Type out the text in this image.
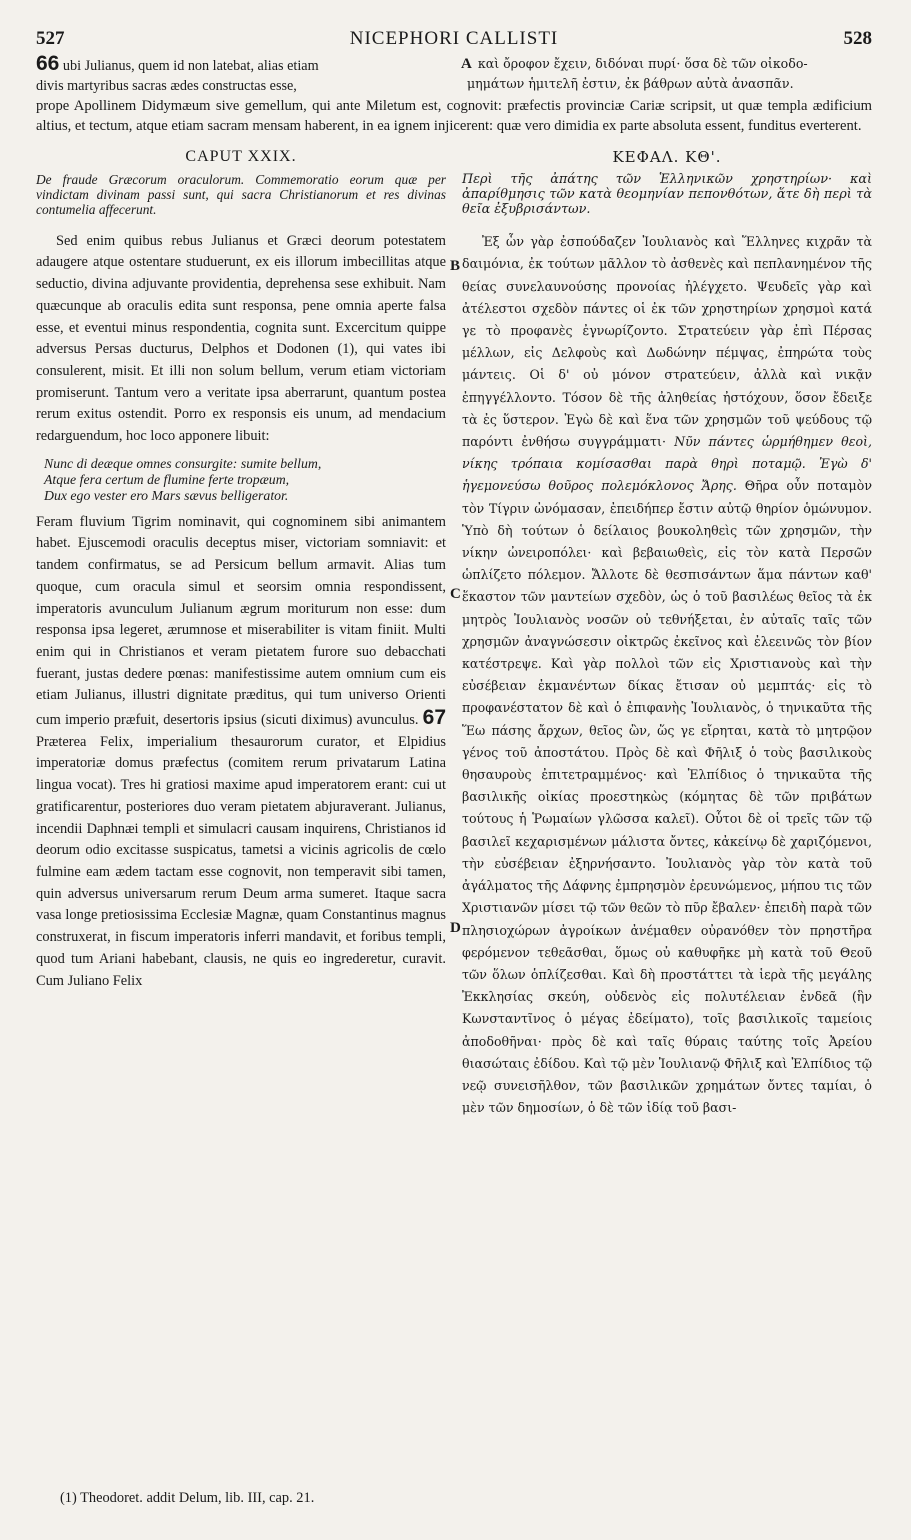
527	NICEPHORI CALLISTI	528
66 ubi Julianus, quem id non latebat, alias etiam
divis martyribus sacras ædes constructas esse,
A καὶ ὄροφον ἔχειν, διδόναι πυρί· ὅσα δὲ τῶν οἰκοδο-
μημάτων ἡμιτελῆ ἐστιν, ἐκ βάθρων αὐτὰ ἀνασπᾶν.
prope Apollinem Didymæum sive gemellum, qui ante Miletum est, cognovit: præfectis provinciæ Cariæ scripsit, ut quæ templa ædificium altius, et tectum, atque etiam sacram mensam haberent, in ea ignem injicerent: quæ vero dimidia ex parte absoluta essent, funditus everterent.
CAPUT XXIX.
De fraude Græcorum oraculorum. Commemoratio eorum quæ per vindictam divinam passi sunt, qui sacra Christianorum et res divinas contumelia affecerunt.

Sed enim quibus rebus Julianus et Græci deorum potestatem adaugere atque ostentare studuerunt, ex eis illorum imbecillitas atque seductio, divina adjuvante providentia, deprehensa sese exhibuit. Nam quæcunque ab oraculis edita sunt responsa, pene omnia aperte falsa esse, et eventui minus respondentia, cognita sunt. Excercitum quippe adversus Persas ducturus, Delphos et Dodonen (1), qui vates ibi consulerent, misit. Et illi non solum bellum, verum etiam victoriam promiserunt. Tantum vero a veritate ipsa aberrarunt, quantum postea rerum exitus ostendit. Porro ex responsis eis unum, ad mendacium redarguendum, hoc loco apponere libuit:

Nunc di deæque omnes consurgite: sumite bellum,
Atque fera certum de flumine ferte tropæum,
Dux ego vester ero Mars sævus belligerator.

Feram fluvium Tigrim nominavit, qui cognominem sibi animantem habet. Ejuscemodi oraculis deceptus miser, victoriam somniavit: et tandem confirmatus, se ad Persicum bellum armavit. Alias tum quoque, cum oracula simul et seorsim omnia respondissent, imperatoris avunculum Julianum ægrum moriturum non esse: dum responsa ipsa legeret, ærumnose et miserabiliter is vitam finiit. Multi enim qui in Christianos et veram pietatem furore suo debacchati fuerant, justas dedere pœnas: manifestissime autem omnium cum eis etiam Julianus, illustri dignitate præditus, qui tum universo Orienti cum imperio præfuit, desertoris ipsius (sicuti diximus) avunculus. 67 Præterea Felix, imperialium thesaurorum curator, et Elpidius imperatoriæ domus præfectus (comitem rerum privatarum Latina lingua vocat). Tres hi gratiosi maxime apud imperatorem erant: cui ut gratificarentur, posteriores duo veram pietatem abjuraverant. Julianus, incendii Daphnæi templi et simulacri causam inquirens, Christianos id deorum odio excitasse suspicatus, tametsi a vicinis agricolis de cœlo fulmine eam ædem tactam esse cognovit, non temperavit sibi tamen, quin adversus universarum rerum Deum arma sumeret. Itaque sacra vasa longe pretiosissima Ecclesiæ Magnæ, quam Constantinus magnus construxerat, in fiscum imperatoris inferri mandavit, et foribus templi, quod tum Ariani habebant, clausis, ne quis eo ingrederetur, curavit. Cum Juliano Felix

ΚΕΦΑΛ. ΚΘ'.
Περὶ τῆς ἀπάτης τῶν Ἑλληνικῶν χρηστηρίων· καὶ ἀπαρίθμησις τῶν κατὰ θεομηνίαν πεπονθότων, ἅτε δὴ περὶ τὰ θεῖα ἐξυβρισάντων.

Ἐξ ὧν γὰρ ἐσπούδαζεν Ἰουλιανὸς καὶ Ἕλληνες κιχρᾶν τὰ δαιμόνια, ἐκ τούτων μᾶλλον τὸ ἀσθενὲς καὶ πεπλανημένον τῆς θείας συνελαυνούσης προνοίας ἠλέγχετο. Ψευδεῖς γὰρ καὶ ἀτέλεστοι σχεδὸν πάντες οἱ ἐκ τῶν χρηστηρίων χρησμοὶ κατά γε τὸ προφανὲς ἐγνωρίζοντο. Στρατεύειν γὰρ ἐπὶ Πέρσας μέλλων, εἰς Δελφοὺς καὶ Δωδώνην πέμψας, ἐπηρώτα τοὺς μάντεις. Οἱ δ' οὐ μόνον στρατεύειν, ἀλλὰ καὶ νικᾷν ἐπηγγέλλοντο. Τόσον δὲ τῆς ἀληθείας ἠστόχουν, ὅσον ἔδειξε τὰ ἐς ὕστερον. Ἐγὼ δὲ καὶ ἕνα τῶν χρησμῶν τοῦ ψεύδους τῷ παρόντι ἐνθήσω συγγράμματι· Νῦν πάντες ὡρμήθημεν θεοὶ, νίκης τρόπαια κομίσασθαι παρὰ θηρὶ ποταμῷ. Ἐγὼ δ' ἡγεμονεύσω θοῦρος πολεμόκλονος Ἄρης. Θῆρα οὖν ποταμὸν τὸν Τίγριν ὠνόμασαν, ἐπειδήπερ ἔστιν αὐτῷ θηρίον ὁμώνυμον. Ὑπὸ δὴ τούτων ὁ δείλαιος βουκοληθεὶς τῶν χρησμῶν, τὴν νίκην ὠνειροπόλει· καὶ βεβαιωθεὶς, εἰς τὸν κατὰ Περσῶν ὡπλίζετο πόλεμον. Ἄλλοτε δὲ θεσπισάντων ἅμα πάντων καθ' ἕκαστον τῶν μαντείων σχεδὸν, ὡς ὁ τοῦ βασιλέως θεῖος τὰ ἐκ μητρὸς Ἰουλιανὸς νοσῶν οὐ τεθνήξεται, ἐν αὐταῖς ταῖς τῶν χρησμῶν ἀναγνώσεσιν οἰκτρῶς ἐκεῖνος καὶ ἐλεεινῶς τὸν βίον κατέστρεψε. Καὶ γὰρ πολλοὶ τῶν εἰς Χριστιανοὺς καὶ τὴν εὐσέβειαν ἐκμανέντων δίκας ἔτισαν οὐ μεμπτάς· εἰς τὸ προφανέστατον δὲ καὶ ὁ ἐπιφανὴς Ἰουλιανὸς, ὁ τηνικαῦτα τῆς Ἕω πάσης ἄρχων, θεῖος ὢν, ὥς γε εἴρηται, κατὰ τὸ μητρῷον γένος τοῦ ἀποστάτου. Πρὸς δὲ καὶ Φῆλιξ ὁ τοὺς βασιλικοὺς θησαυροὺς ἐπιτετραμμένος· καὶ Ἐλπίδιος ὁ τηνικαῦτα τῆς βασιλικῆς οἰκίας προεστηκὼς (κόμητας δὲ τῶν πριβάτων τούτους ἡ Ῥωμαίων γλῶσσα καλεῖ). Οὗτοι δὲ οἱ τρεῖς τῶν τῷ βασιλεῖ κεχαρισμένων μάλιστα ὄντες, κἀκείνῳ δὲ χαριζόμενοι, τὴν εὐσέβειαν ἐξηρνήσαντο. Ἰουλιανὸς γὰρ τὸν κατὰ τοῦ ἀγάλματος τῆς Δάφνης ἐμπρησμὸν ἐρευνώμενος, μήπου τις τῶν Χριστιανῶν μίσει τῷ τῶν θεῶν τὸ πῦρ ἔβαλεν· ἐπειδὴ παρὰ τῶν πλησιοχώρων ἀγροίκων ἀνέμαθεν οὐρανόθεν τὸν πρηστῆρα φερόμενον τεθεᾶσθαι, ὅμως οὐ καθυφῆκε μὴ κατὰ τοῦ Θεοῦ τῶν ὅλων ὁπλίζεσθαι. Καὶ δὴ προστάττει τὰ ἱερὰ τῆς μεγάλης Ἐκκλησίας σκεύη, οὐδενὸς εἰς πολυτέλειαν ἐνδεᾶ (ἣν Κωνσταντῖνος ὁ μέγας ἐδείματο), τοῖς βασιλικοῖς ταμείοις ἀποδοθῆναι· πρὸς δὲ καὶ ταῖς θύραις ταύτης τοῖς Ἀρείου θιασώταις ἐδίδου. Καὶ τῷ μὲν Ἰουλιανῷ Φῆλιξ καὶ Ἐλπίδιος τῷ νεῷ συνεισῆλθον, τῶν βασιλικῶν χρημάτων ὄντες ταμίαι, ὁ μὲν τῶν δημοσίων, ὁ δὲ τῶν ἰδίᾳ τοῦ βασι-

B
C
D
(1) Theodoret. addit Delum, lib. III, cap. 21.
